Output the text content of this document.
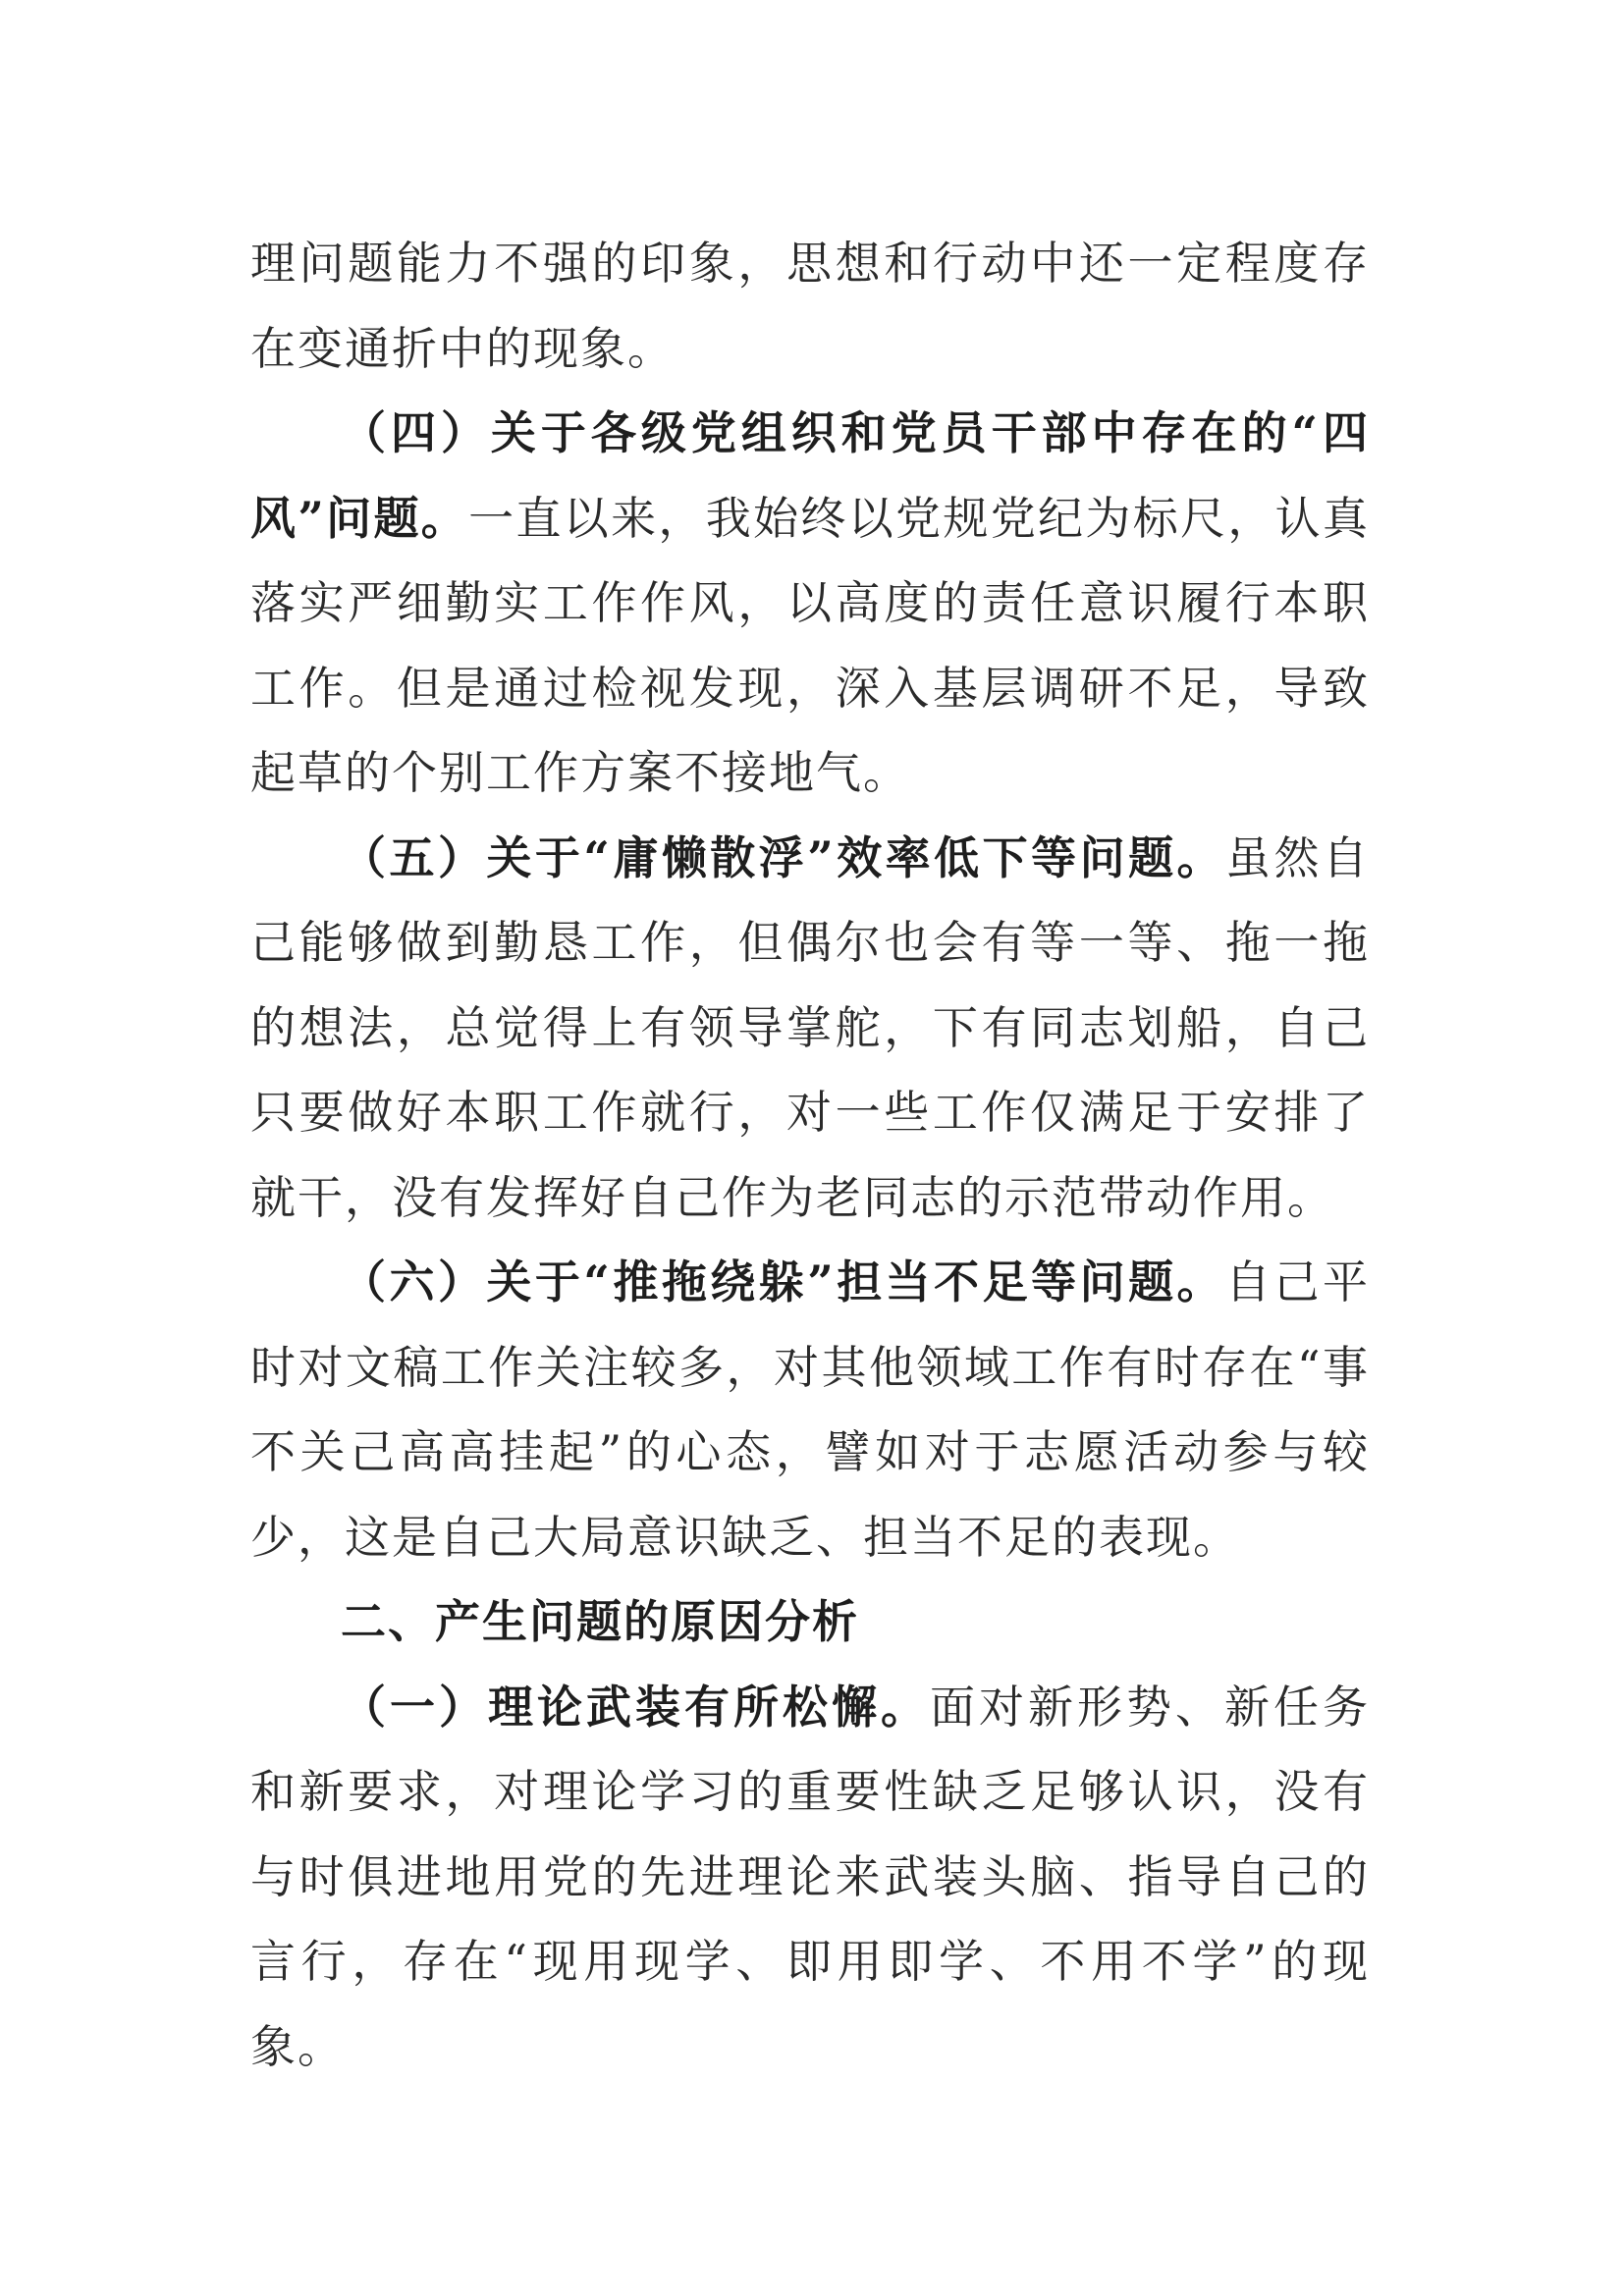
理问题能力不强的印象，思想和行动中还一定程度存在变通折中的现象。

（四）关于各级党组织和党员干部中存在的“四风”问题。一直以来，我始终以党规党纪为标尺，认真落实严细勤实工作作风，以高度的责任意识履行本职工作。但是通过检视发现，深入基层调研不足，导致起草的个别工作方案不接地气。

（五）关于“庸懒散浮”效率低下等问题。虽然自己能够做到勤恳工作，但偶尔也会有等一等、拖一拖的想法，总觉得上有领导掌舵，下有同志划船，自己只要做好本职工作就行，对一些工作仅满足于安排了就干，没有发挥好自己作为老同志的示范带动作用。

（六）关于“推拖绕躲”担当不足等问题。自己平时对文稿工作关注较多，对其他领域工作有时存在“事不关己高高挂起”的心态，譬如对于志愿活动参与较少，这是自己大局意识缺乏、担当不足的表现。

二、产生问题的原因分析

（一）理论武装有所松懈。面对新形势、新任务和新要求，对理论学习的重要性缺乏足够认识，没有与时俱进地用党的先进理论来武装头脑、指导自己的言行，存在“现用现学、即用即学、不用不学”的现象。
